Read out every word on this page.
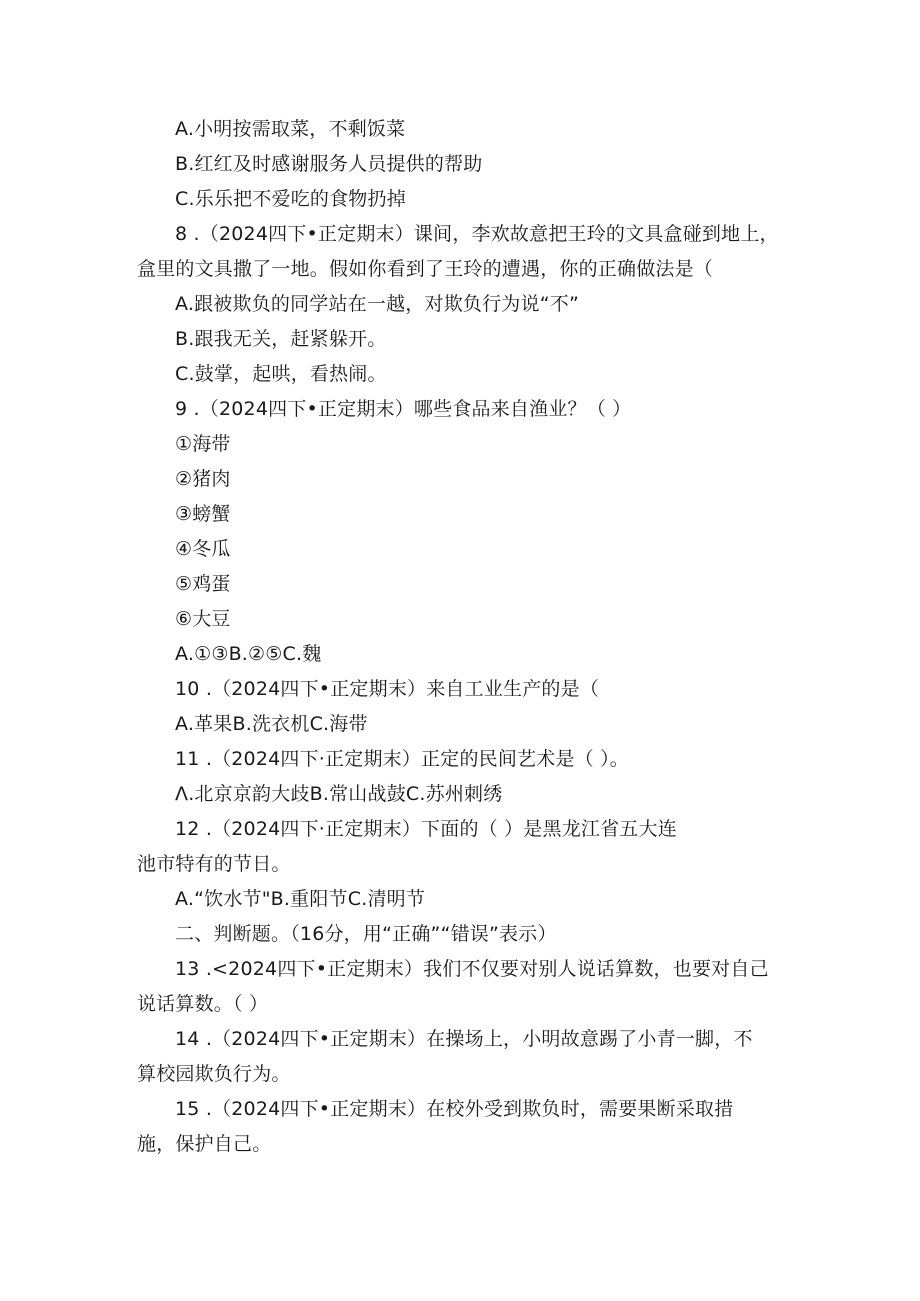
A.小明按需取菜，不剩饭菜
B.红红及时感谢服务人员提供的帮助
C.乐乐把不爱吃的食物扔掉
8 .（2024四下•正定期末）课间，李欢故意把王玲的文具盒碰到地上，
盒里的文具撒了一地。假如你看到了王玲的遭遇，你的正确做法是（
A.跟被欺负的同学站在一越，对欺负行为说“不”
B.跟我无关，赶紧躲开。
C.鼓掌，起哄，看热闹。
9 .（2024四下•正定期末）哪些食品来自渔业？（ ）
①海带
②猪肉
③螃蟹
④冬瓜
⑤鸡蛋
⑥大豆
A.①③B.②⑤C.魏
10 .（2024四下•正定期末）来自工业生产的是（
A.革果B.洗衣机C.海带
11 .（2024四下·正定期末）正定的民间艺术是（ ）。
Λ.北京京韵大歧B.常山战鼓C.苏州刺绣
12 .（2024四下·正定期末）下面的（ ）是黑龙江省五大连
池市特有的节日。
A.“饮水节"B.重阳节C.清明节
二、判断题。（16分，用“正确”“错误”表示）
13 .<2024四下•正定期末）我们不仅要对别人说话算数，也要对自己
说话算数。（ ）
14 .（2024四下•正定期末）在操场上，小明故意踢了小青一脚，不
算校园欺负行为。
15 .（2024四下•正定期末）在校外受到欺负时，需要果断采取措
施，保护自己。
